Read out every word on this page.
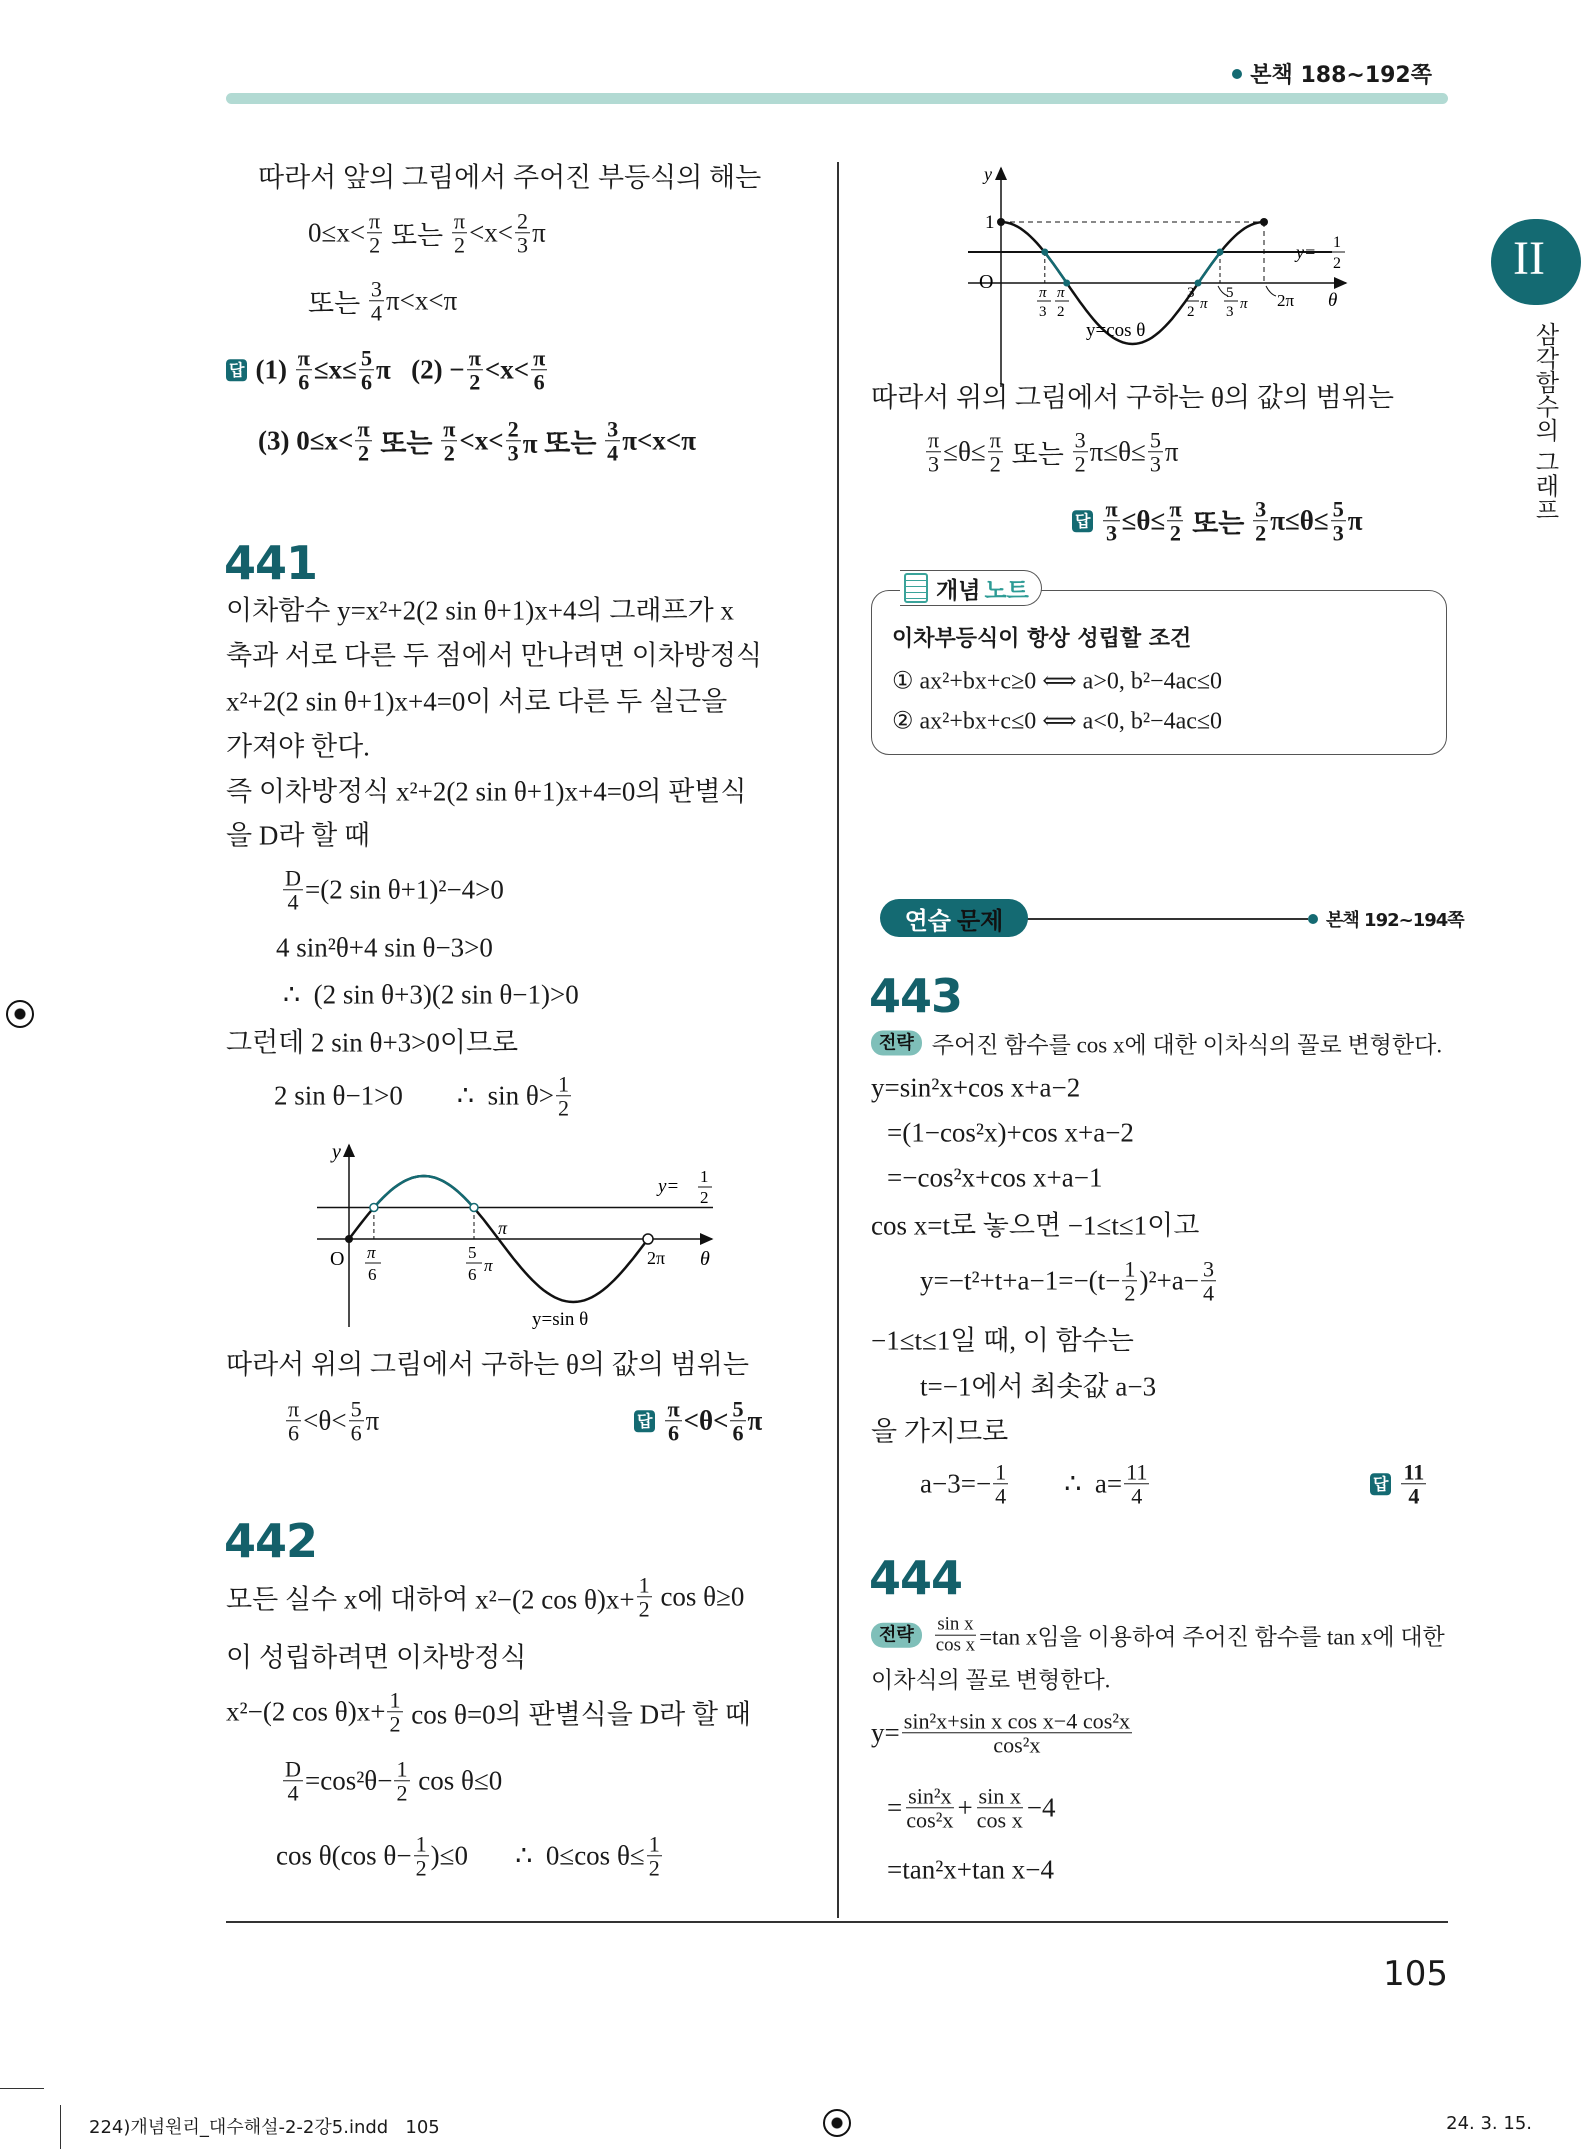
본책 188~192쪽
II
삼각함수의 그래프
따라서 앞의 그림에서 주어진 부등식의 해는
$0\le x< \frac{\pi}{2}$ 또는 $\frac{\pi}{2} <x< \frac{2}{3}$ π
또는 $\frac{3}{4} \pi<x<\pi$
답 $(1) \frac{\pi}{6} \le x\le \frac{5}{6}$ π   $(2) - \frac{\pi}{2} <x< \frac{\pi}{6}$
(3) $0\le x< \frac{\pi}{2}$ 또는 $\frac{\pi}{2} <x< \frac{2}{3}$ π 또는 $\frac{3}{4} \pi<x<\pi$
441
이차함수 y=x²+2(2 sin θ+1)x+4의 그래프가 x
축과 서로 다른 두 점에서 만나려면 이차방정식
x²+2(2 sin θ+1)x+4=0이 서로 다른 두 실근을
가져야 한다.
즉 이차방정식 x²+2(2 sin θ+1)x+4=0의 판별식
을 D라 할 때
$\frac{D}{4} =(2$ sin θ+1)²−4>0
4 sin²θ+4 sin θ−3>0
∴  (2 sin θ+3)(2 sin θ−1)>0
그런데 2 sin θ+3>0이므로
2 sin θ−1>0        ∴  $\sin \theta> \frac{1}{2}$
y
O π
6
5
6 π
π
2π θ
y= 1
2
y=sin θ
따라서 위의 그림에서 구하는 θ의 값의 범위는
$\frac{\pi}{6} <\theta< \frac{5}{6}$ π	답 $\frac{\pi}{6} <\theta< \frac{5}{6}$ π
442
모든 실수 x에 대하여 x²−(2 $\cos \theta)x+ \frac{1}{2}$ cos θ≥0
이 성립하려면 이차방정식
x²−(2 $\cos \theta)x+ \frac{1}{2}$ cos θ=0의 판별식을 D라 할 때
$\frac{D}{4} =\cos^2\theta- \frac{1}{2}$ cos θ≤0
cos θ(cos $\theta- \frac{1}{2} )\le 0$       ∴  0≤cos $\theta\le \frac{1}{2}$
y
1
O	π
3
π
2
3
2 π
5
3 π 2π θ
y= 1
2
y=cos θ
따라서 위의 그림에서 구하는 θ의 값의 범위는
$\frac{\pi}{3} \le\theta\le \frac{\pi}{2}$ 또는 $\frac{3}{2} \pi\le\theta\le \frac{5}{3}$ π
답 $\frac{\pi}{3} \le\theta\le \frac{\pi}{2}$ 또는 $\frac{3}{2} \pi\le\theta\le \frac{5}{3}$ π
개념 노트
이차부등식이 항상 성립할 조건
① ax²+bx+c≥0 ⟺ a>0, b²−4ac≤0
② ax²+bx+c≤0 ⟺ a<0, b²−4ac≤0
연습 문제	본책 192~194쪽
443
전략 주어진 함수를 cos x에 대한 이차식의 꼴로 변형한다.
y=sin²x+cos x+a−2
=(1−cos²x)+cos x+a−2
=−cos²x+cos x+a−1
cos x=t로 놓으면 −1≤t≤1이고
$y=-t^2+t+a-1=-(t- \frac{1}{2} )^2+a- \frac{3}{4}$
−1≤t≤1일 때, 이 함수는
t=−1에서 최솟값 a−3
을 가지므로
$a-3=- \frac{1}{4}$ ∴  $a= \frac{11}{4}$	답 $\frac{11}{4}$
444
전략	$\frac{\text{sin x}}{\text{cos x}} =\tan$ x임을 이용하여 주어진 함수를 tan x에 대한
이차식의 꼴로 변형한다.
$y= \frac{\text{sin²x+sin x cos x−4 cos²x}}{\text{cos²x}}$
= $\frac{\text{sin²x}}{\text{cos²x}} + \frac{\text{sin x}}{\text{cos x}} -4$
=tan²x+tan x−4
105
224)개념원리_대수해설-2-2강5.indd   105	24. 3. 15.
